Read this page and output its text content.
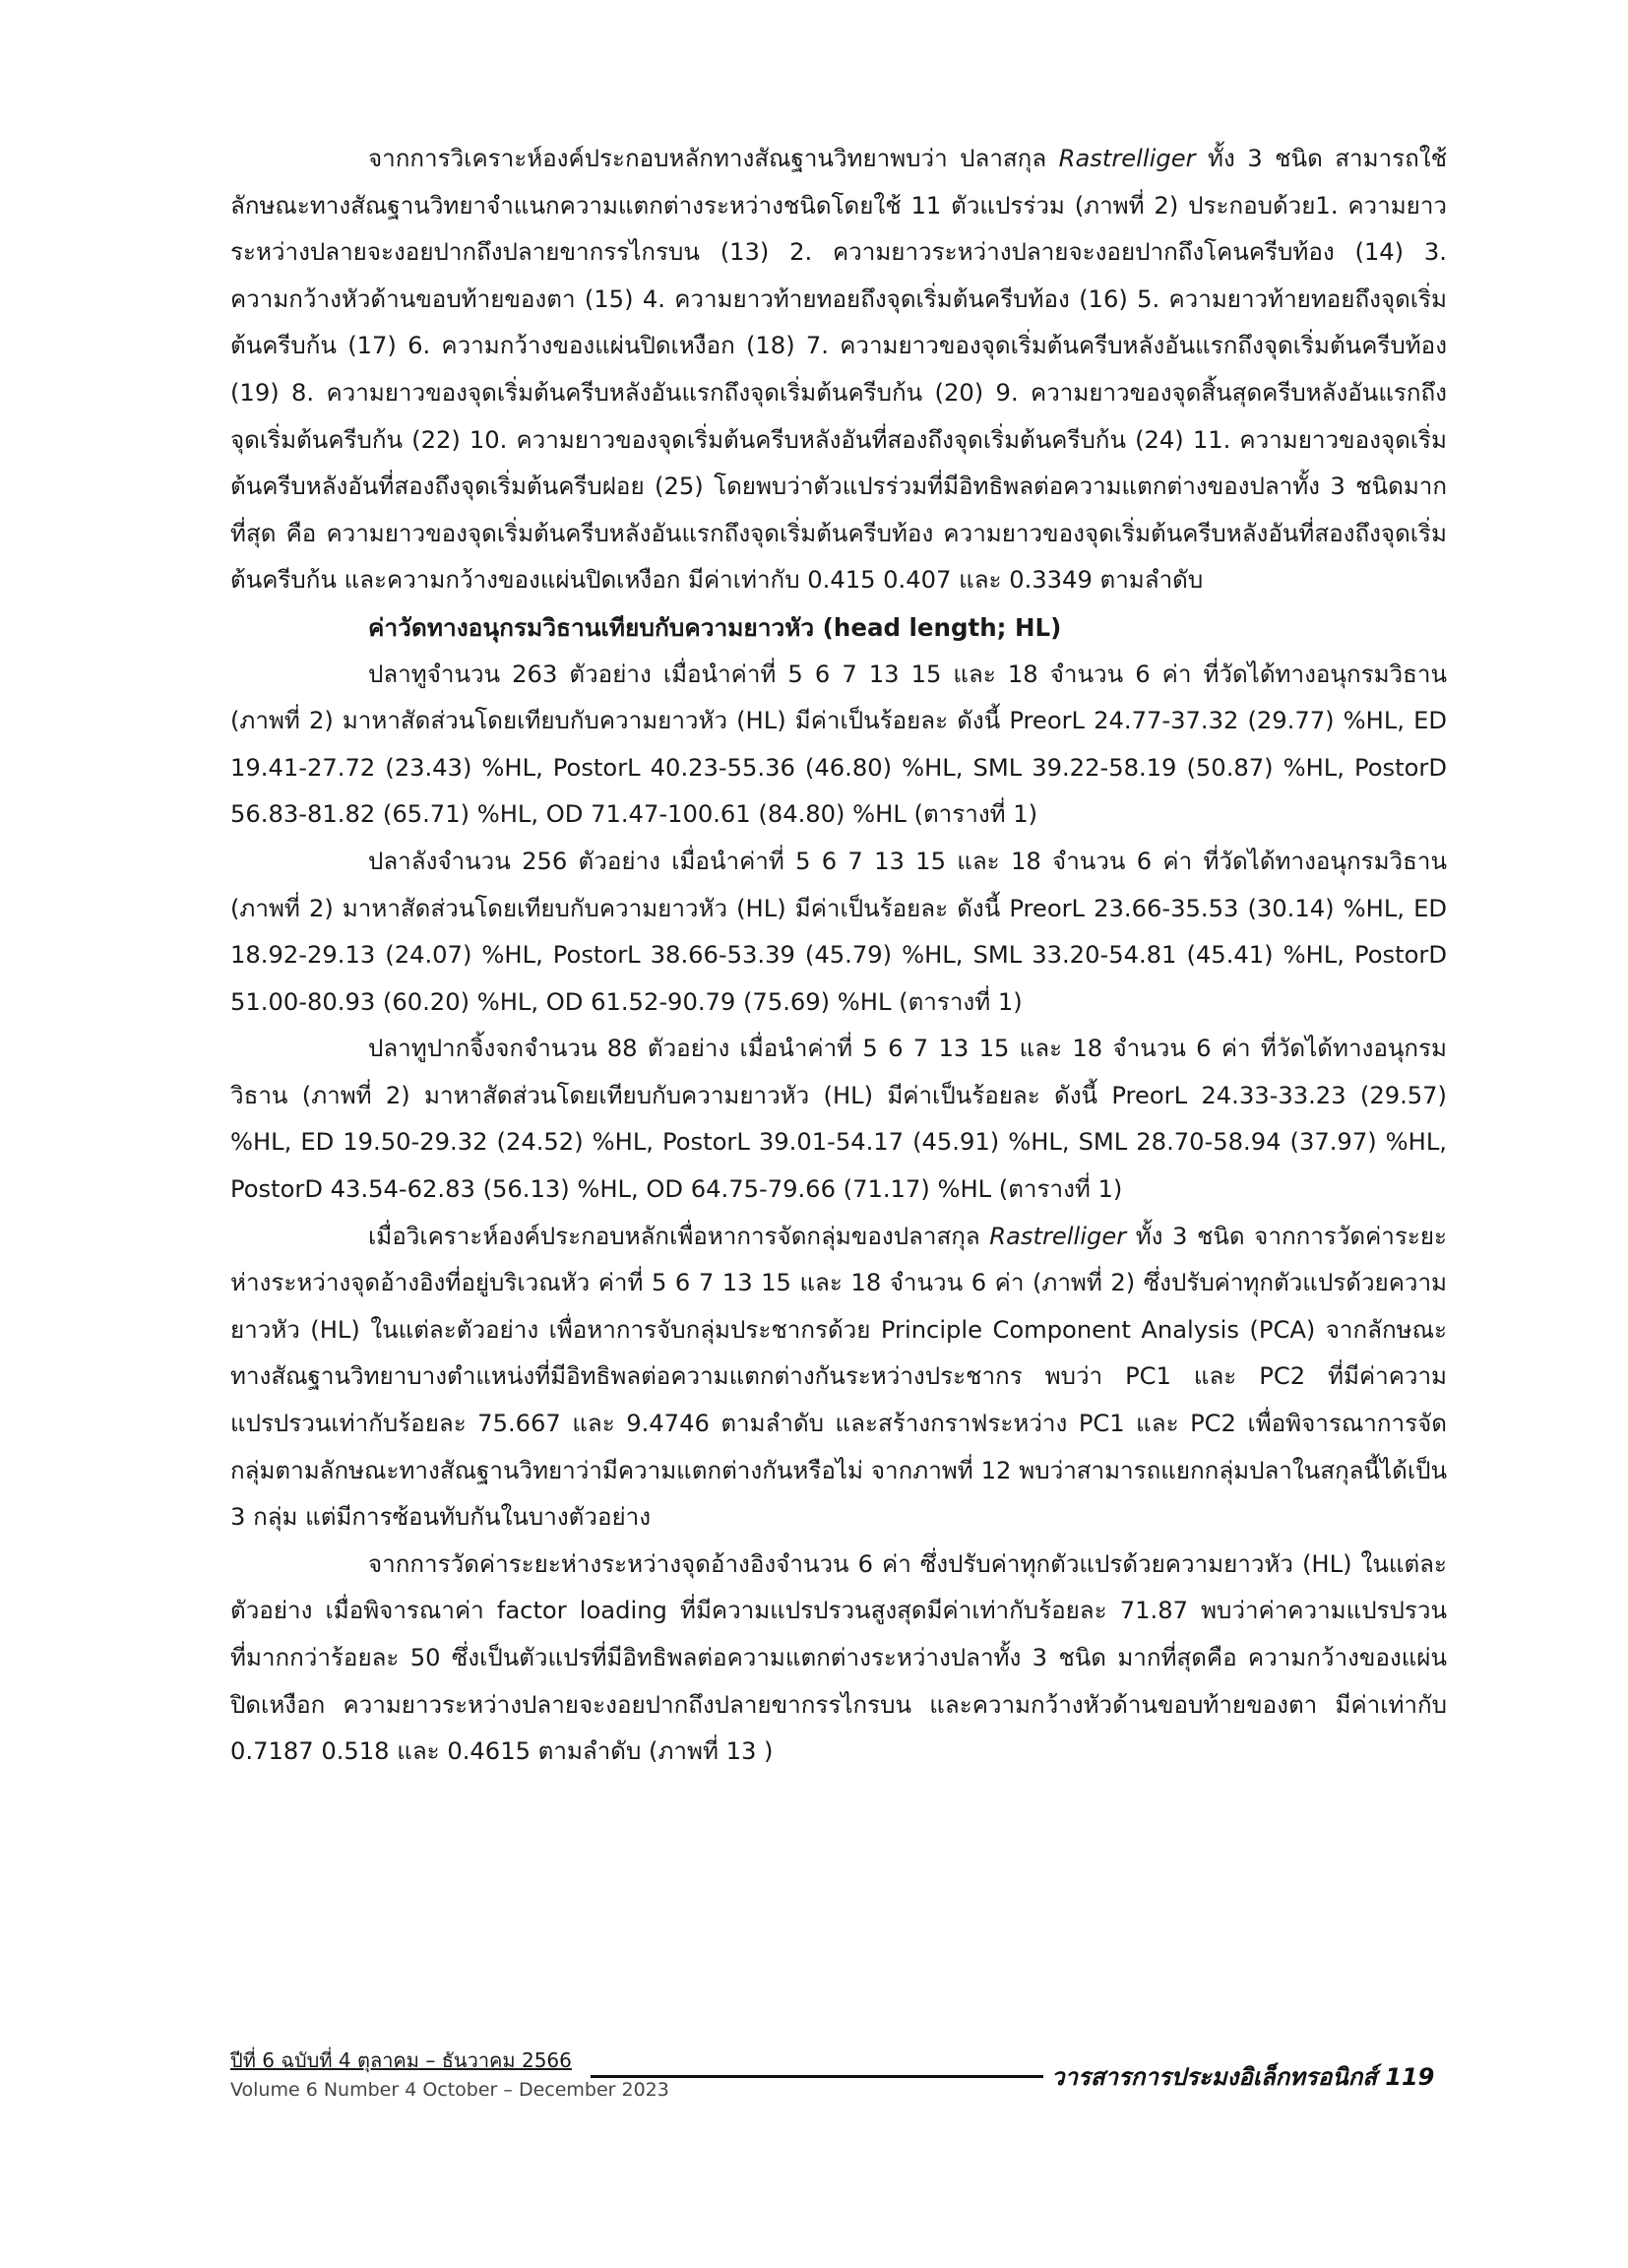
จากการวิเคราะห์องค์ประกอบหลักทางสัณฐานวิทยาพบว่า ปลาสกุล Rastrelliger ทั้ง 3 ชนิด สามารถใช้ลักษณะทางสัณฐานวิทยาจำแนกความแตกต่างระหว่างชนิดโดยใช้ 11 ตัวแปรร่วม (ภาพที่ 2) ประกอบด้วย1. ความยาวระหว่างปลายจะงอยปากถึงปลายขากรรไกรบน (13) 2. ความยาวระหว่างปลายจะงอยปากถึงโคนครีบท้อง (14) 3. ความกว้างหัวด้านขอบท้ายของตา (15) 4. ความยาวท้ายทอยถึงจุดเริ่มต้นครีบท้อง (16) 5. ความยาวท้ายทอยถึงจุดเริ่มต้นครีบก้น (17) 6. ความกว้างของแผ่นปิดเหงือก (18) 7. ความยาวของจุดเริ่มต้นครีบหลังอันแรกถึงจุดเริ่มต้นครีบท้อง (19) 8. ความยาวของจุดเริ่มต้นครีบหลังอันแรกถึงจุดเริ่มต้นครีบก้น (20) 9. ความยาวของจุดสิ้นสุดครีบหลังอันแรกถึงจุดเริ่มต้นครีบก้น (22) 10. ความยาวของจุดเริ่มต้นครีบหลังอันที่สองถึงจุดเริ่มต้นครีบก้น (24) 11. ความยาวของจุดเริ่มต้นครีบหลังอันที่สองถึงจุดเริ่มต้นครีบฝอย (25) โดยพบว่าตัวแปรร่วมที่มีอิทธิพลต่อความแตกต่างของปลาทั้ง 3 ชนิดมากที่สุด คือ ความยาวของจุดเริ่มต้นครีบหลังอันแรกถึงจุดเริ่มต้นครีบท้อง ความยาวของจุดเริ่มต้นครีบหลังอันที่สองถึงจุดเริ่มต้นครีบก้น และความกว้างของแผ่นปิดเหงือก มีค่าเท่ากับ 0.415 0.407 และ 0.3349 ตามลำดับ

ค่าวัดทางอนุกรมวิธานเทียบกับความยาวหัว (head length; HL)

ปลาทูจำนวน 263 ตัวอย่าง เมื่อนำค่าที่ 5 6 7 13 15 และ 18 จำนวน 6 ค่า ที่วัดได้ทางอนุกรมวิธาน (ภาพที่ 2) มาหาสัดส่วนโดยเทียบกับความยาวหัว (HL) มีค่าเป็นร้อยละ ดังนี้ PreorL 24.77-37.32 (29.77) %HL, ED 19.41-27.72 (23.43) %HL, PostorL 40.23-55.36 (46.80) %HL, SML 39.22-58.19 (50.87) %HL, PostorD 56.83-81.82 (65.71) %HL, OD 71.47-100.61 (84.80) %HL (ตารางที่ 1)

ปลาลังจำนวน 256 ตัวอย่าง เมื่อนำค่าที่ 5 6 7 13 15 และ 18 จำนวน 6 ค่า ที่วัดได้ทางอนุกรมวิธาน (ภาพที่ 2) มาหาสัดส่วนโดยเทียบกับความยาวหัว (HL) มีค่าเป็นร้อยละ ดังนี้ PreorL 23.66-35.53 (30.14) %HL, ED 18.92-29.13 (24.07) %HL, PostorL 38.66-53.39 (45.79) %HL, SML 33.20-54.81 (45.41) %HL, PostorD 51.00-80.93 (60.20) %HL, OD 61.52-90.79 (75.69) %HL (ตารางที่ 1)

ปลาทูปากจิ้งจกจำนวน 88 ตัวอย่าง เมื่อนำค่าที่ 5 6 7 13 15 และ 18 จำนวน 6 ค่า ที่วัดได้ทางอนุกรมวิธาน (ภาพที่ 2) มาหาสัดส่วนโดยเทียบกับความยาวหัว (HL) มีค่าเป็นร้อยละ ดังนี้ PreorL 24.33-33.23 (29.57) %HL, ED 19.50-29.32 (24.52) %HL, PostorL 39.01-54.17 (45.91) %HL, SML 28.70-58.94 (37.97) %HL, PostorD 43.54-62.83 (56.13) %HL, OD 64.75-79.66 (71.17) %HL (ตารางที่ 1)

เมื่อวิเคราะห์องค์ประกอบหลักเพื่อหาการจัดกลุ่มของปลาสกุล Rastrelliger ทั้ง 3 ชนิด จากการวัดค่าระยะห่างระหว่างจุดอ้างอิงที่อยู่บริเวณหัว ค่าที่ 5 6 7 13 15 และ 18 จำนวน 6 ค่า (ภาพที่ 2) ซึ่งปรับค่าทุกตัวแปรด้วยความยาวหัว (HL) ในแต่ละตัวอย่าง เพื่อหาการจับกลุ่มประชากรด้วย Principle Component Analysis (PCA) จากลักษณะทางสัณฐานวิทยาบางตำแหน่งที่มีอิทธิพลต่อความแตกต่างกันระหว่างประชากร พบว่า PC1 และ PC2 ที่มีค่าความแปรปรวนเท่ากับร้อยละ 75.667 และ 9.4746 ตามลำดับ และสร้างกราฟระหว่าง PC1 และ PC2 เพื่อพิจารณาการจัดกลุ่มตามลักษณะทางสัณฐานวิทยาว่ามีความแตกต่างกันหรือไม่ จากภาพที่ 12 พบว่าสามารถแยกกลุ่มปลาในสกุลนี้ได้เป็น 3 กลุ่ม แต่มีการซ้อนทับกันในบางตัวอย่าง

จากการวัดค่าระยะห่างระหว่างจุดอ้างอิงจำนวน 6 ค่า ซึ่งปรับค่าทุกตัวแปรด้วยความยาวหัว (HL) ในแต่ละตัวอย่าง เมื่อพิจารณาค่า factor loading ที่มีความแปรปรวนสูงสุดมีค่าเท่ากับร้อยละ 71.87 พบว่าค่าความแปรปรวนที่มากกว่าร้อยละ 50 ซึ่งเป็นตัวแปรที่มีอิทธิพลต่อความแตกต่างระหว่างปลาทั้ง 3 ชนิด มากที่สุดคือ ความกว้างของแผ่นปิดเหงือก ความยาวระหว่างปลายจะงอยปากถึงปลายขากรรไกรบน และความกว้างหัวด้านขอบท้ายของตา มีค่าเท่ากับ 0.7187 0.518 และ 0.4615 ตามลำดับ (ภาพที่ 13 )

ปีที่ 6 ฉบับที่ 4 ตุลาคม – ธันวาคม 2566
Volume 6 Number 4 October – December 2023	วารสารการประมงอิเล็กทรอนิกส์ 119
